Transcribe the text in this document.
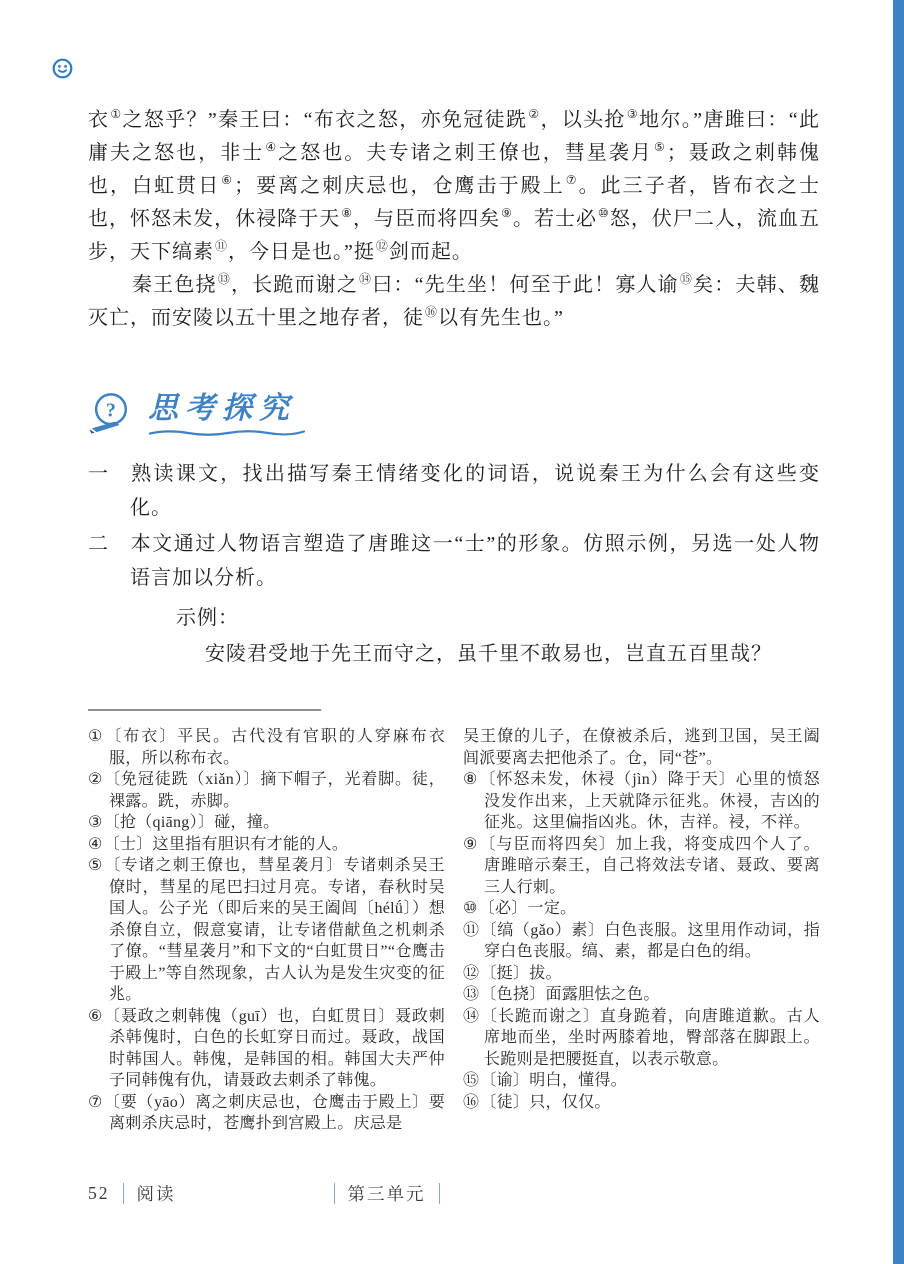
衣①之怒乎？”秦王曰：“布衣之怒，亦免冠徒跣②，以头抢③地尔。”唐雎曰：“此庸夫之怒也，非士④之怒也。夫专诸之刺王僚也，彗星袭月⑤；聂政之刺韩傀也，白虹贯日⑥；要离之刺庆忌也，仓鹰击于殿上⑦。此三子者，皆布衣之士也，怀怒未发，休祲降于天⑧，与臣而将四矣⑨。若士必⑩怒，伏尸二人，流血五步，天下缟素⑪，今日是也。”挺⑫剑而起。

秦王色挠⑬，长跪而谢之⑭曰：“先生坐！何至于此！寡人谕⑮矣：夫韩、魏灭亡，而安陵以五十里之地存者，徒⑯以有先生也。”

? 思考探究
一 熟读课文，找出描写秦王情绪变化的词语，说说秦王为什么会有这些变化。
二 本文通过人物语言塑造了唐雎这一“士”的形象。仿照示例，另选一处人物语言加以分析。
示例：
安陵君受地于先王而守之，虽千里不敢易也，岂直五百里哉？
①〔布衣〕平民。古代没有官职的人穿麻布衣服，所以称布衣。
②〔免冠徒跣（xiǎn）〕摘下帽子，光着脚。徒，裸露。跣，赤脚。
③〔抢（qiāng）〕碰，撞。
④〔士〕这里指有胆识有才能的人。
⑤〔专诸之刺王僚也，彗星袭月〕专诸刺杀吴王僚时，彗星的尾巴扫过月亮。专诸，春秋时吴国人。公子光（即后来的吴王阖闾〔hélǘ〕）想杀僚自立，假意宴请，让专诸借献鱼之机刺杀了僚。“彗星袭月”和下文的“白虹贯日”“仓鹰击于殿上”等自然现象，古人认为是发生灾变的征兆。
⑥〔聂政之刺韩傀（guī）也，白虹贯日〕聂政刺杀韩傀时，白色的长虹穿日而过。聂政，战国时韩国人。韩傀，是韩国的相。韩国大夫严仲子同韩傀有仇，请聂政去刺杀了韩傀。
⑦〔要（yāo）离之刺庆忌也，仓鹰击于殿上〕要离刺杀庆忌时，苍鹰扑到宫殿上。庆忌是
吴王僚的儿子，在僚被杀后，逃到卫国，吴王阖闾派要离去把他杀了。仓，同“苍”。
⑧〔怀怒未发，休祲（jìn）降于天〕心里的愤怒没发作出来，上天就降示征兆。休祲，吉凶的征兆。这里偏指凶兆。休，吉祥。祲，不祥。
⑨〔与臣而将四矣〕加上我，将变成四个人了。唐雎暗示秦王，自己将效法专诸、聂政、要离三人行刺。
⑩〔必〕一定。
⑪〔缟（gǎo）素〕白色丧服。这里用作动词，指穿白色丧服。缟、素，都是白色的绢。
⑫〔挺〕拔。
⑬〔色挠〕面露胆怯之色。
⑭〔长跪而谢之〕直身跪着，向唐雎道歉。古人席地而坐，坐时两膝着地，臀部落在脚跟上。长跪则是把腰挺直，以表示敬意。
⑮〔谕〕明白，懂得。
⑯〔徒〕只，仅仅。
52 阅读	第三单元
